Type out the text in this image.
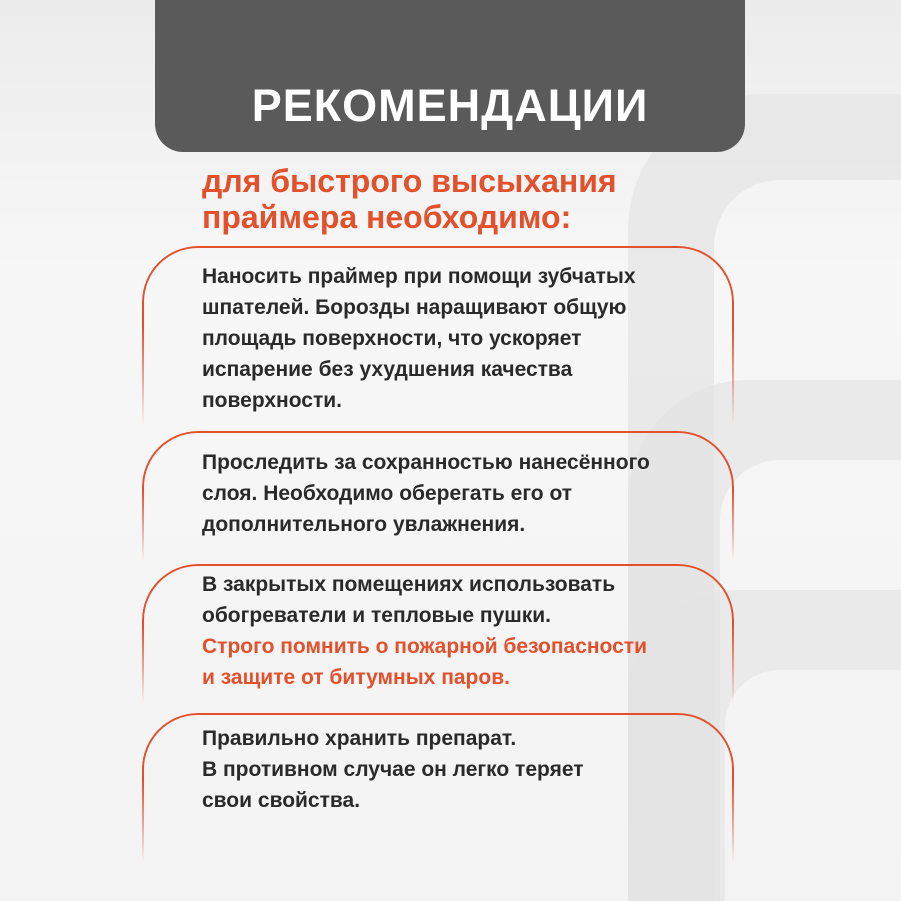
РЕКОМЕНДАЦИИ
для быстрого высыхания
праймера необходимо:
Наносить праймер при помощи зубчатых
шпателей. Борозды наращивают общую
площадь поверхности, что ускоряет
испарение без ухудшения качества
поверхности.
Проследить за сохранностью нанесённого
слоя. Необходимо оберегать его от
дополнительного увлажнения.
В закрытых помещениях использовать
обогреватели и тепловые пушки.
Строго помнить о пожарной безопасности
и защите от битумных паров.
Правильно хранить препарат.
В противном случае он легко теряет
свои свойства.
